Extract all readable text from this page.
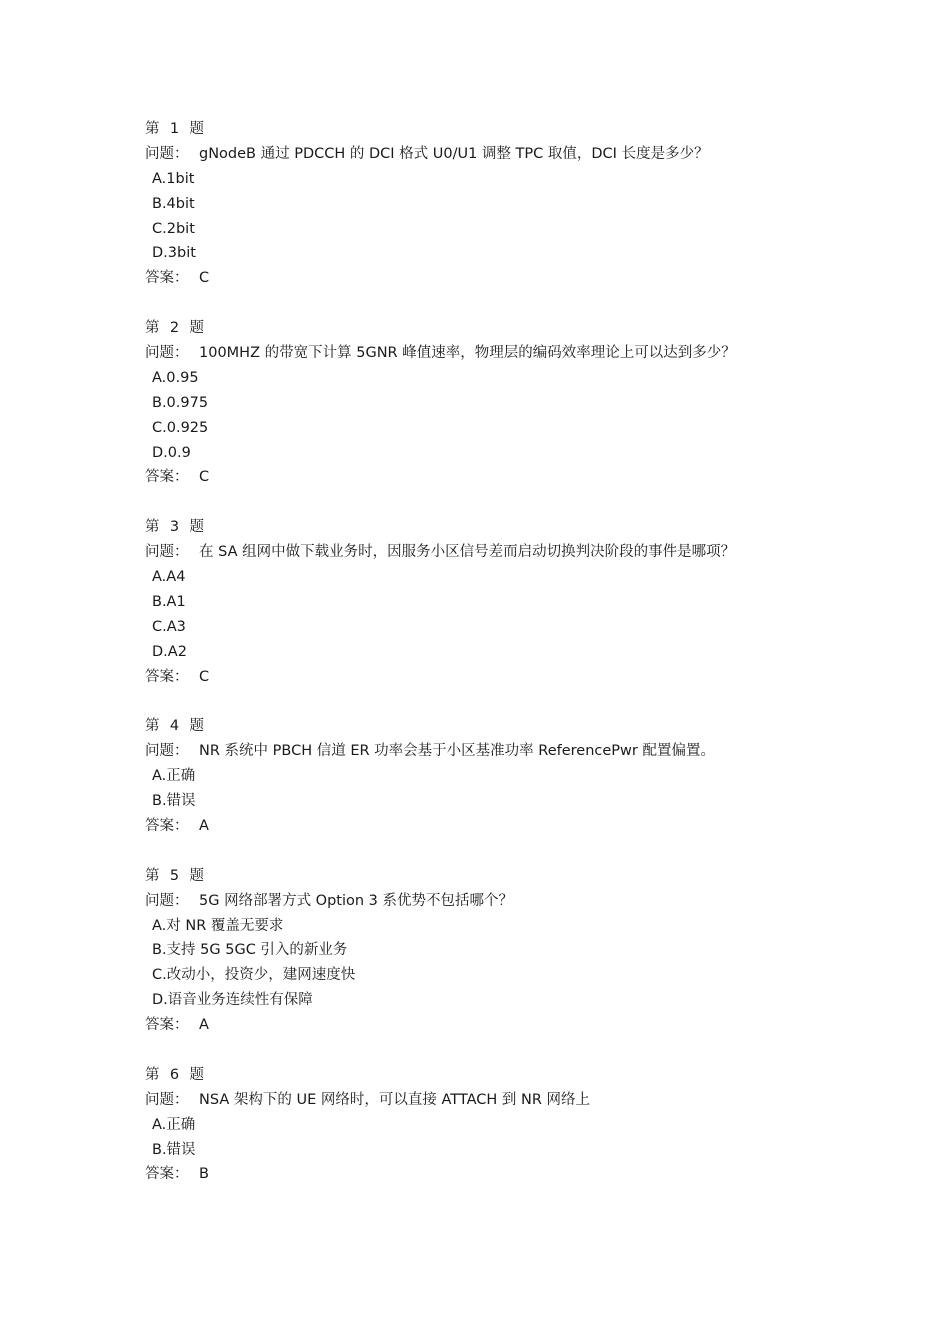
第 1 题
问题： gNodeB 通过 PDCCH 的 DCI 格式 U0/U1 调整 TPC 取值，DCI 长度是多少？
A.1bit
B.4bit
C.2bit
D.3bit
答案： C
第 2 题
问题： 100MHZ 的带宽下计算 5GNR 峰值速率，物理层的编码效率理论上可以达到多少？
A.0.95
B.0.975
C.0.925
D.0.9
答案： C
第 3 题
问题： 在 SA 组网中做下载业务时，因服务小区信号差而启动切换判决阶段的事件是哪项？
A.A4
B.A1
C.A3
D.A2
答案： C
第 4 题
问题： NR 系统中 PBCH 信道 ER 功率会基于小区基准功率 ReferencePwr 配置偏置。
A.正确
B.错误
答案： A
第 5 题
问题： 5G 网络部署方式 Option 3 系优势不包括哪个？
A.对 NR 覆盖无要求
B.支持 5G 5GC 引入的新业务
C.改动小，投资少，建网速度快
D.语音业务连续性有保障
答案： A
第 6 题
问题： NSA 架构下的 UE 网络时，可以直接 ATTACH 到 NR 网络上
A.正确
B.错误
答案： B
